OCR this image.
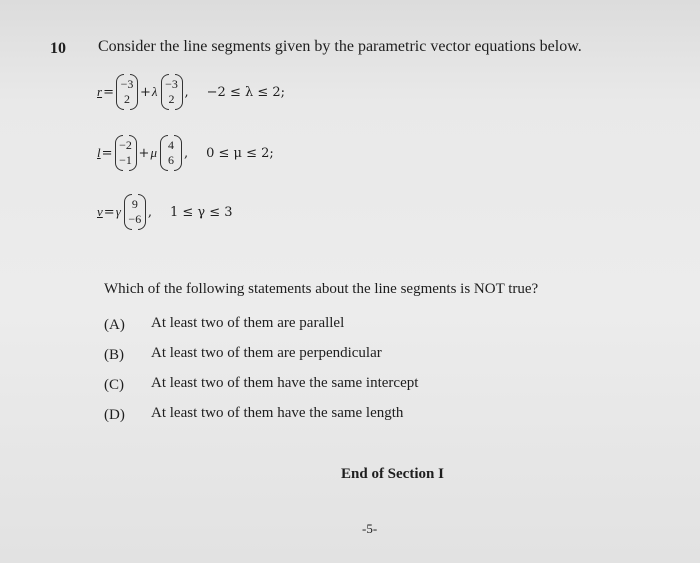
10 Consider the line segments given by the parametric vector equations below.
r =
−3
2 + λ −3
2 , −2 ≤ λ ≤ 2;
l =
−2
−1 + μ 4
6 , 0 ≤ μ ≤ 2;
v = γ 9
−6 , 1 ≤ γ ≤ 3
Which of the following statements about the line segments is NOT true?
(A) At least two of them are parallel
(B) At least two of them are perpendicular
(C) At least two of them have the same intercept
(D) At least two of them have the same length
End of Section I
-5-
